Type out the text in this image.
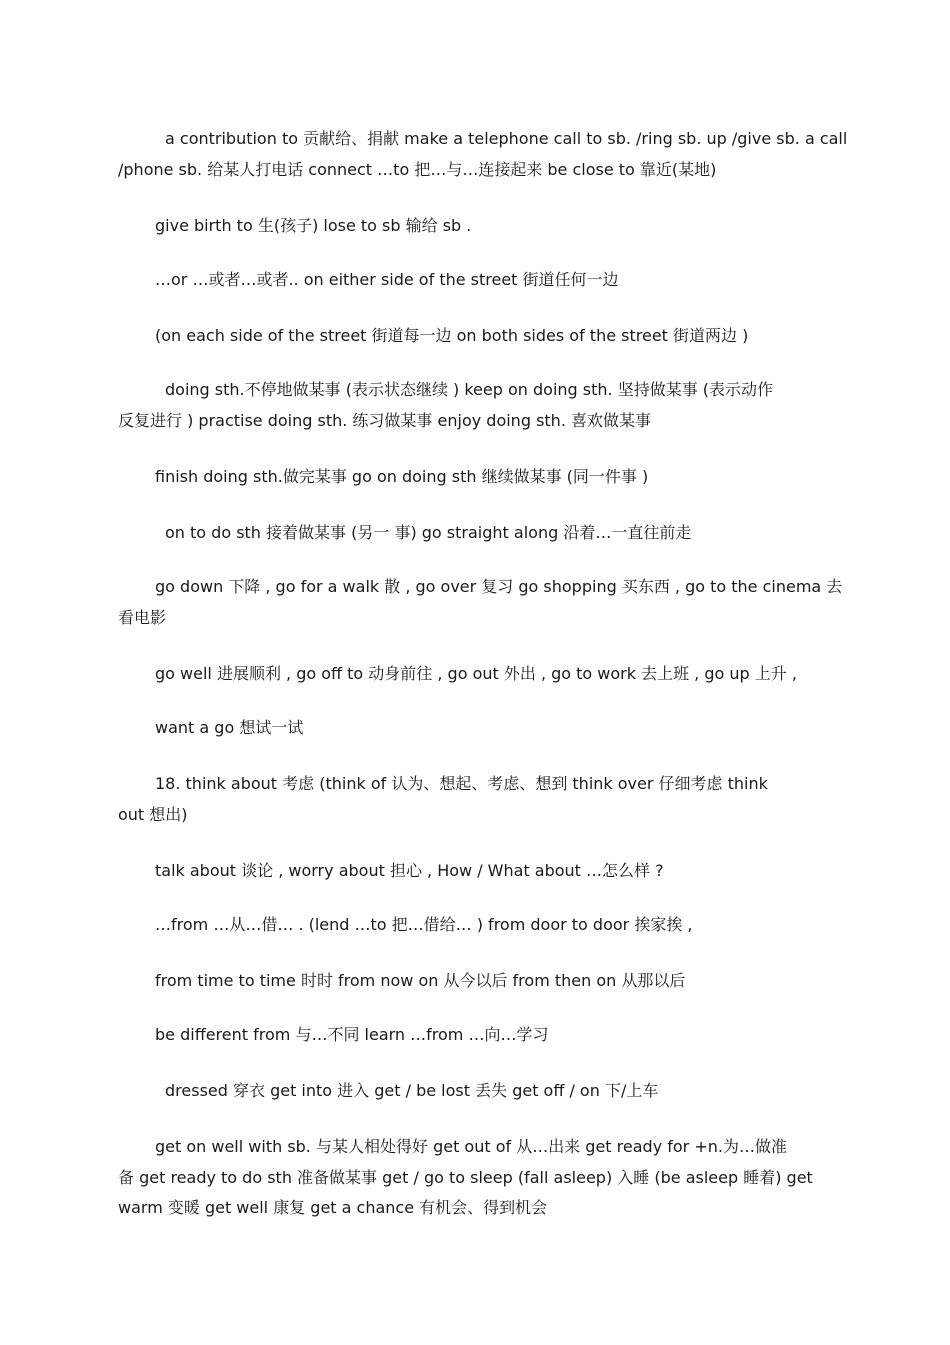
a contribution to 贡献给、捐献 make a telephone call to sb. /ring sb. up /give sb. a call
/phone sb. 给某人打电话 connect …to 把…与…连接起来 be close to 靠近(某地)
give birth to 生(孩子) lose to sb 输给 sb .
…or …或者…或者.. on either side of the street 街道任何一边
(on each side of the street 街道每一边 on both sides of the street 街道两边 )
doing sth.不停地做某事 (表示状态继续 ) keep on doing sth. 坚持做某事 (表示动作
反复进行 ) practise doing sth. 练习做某事 enjoy doing sth. 喜欢做某事
finish doing sth.做完某事 go on doing sth 继续做某事 (同一件事 )
on to do sth 接着做某事 (另一 事) go straight along 沿着…一直往前走
go down 下降 , go for a walk 散 , go over 复习 go shopping 买东西 , go to the cinema 去
看电影
go well 进展顺利 , go off to 动身前往 , go out 外出 , go to work 去上班 , go up 上升 ,
want a go 想试一试
18. think about 考虑 (think of 认为、想起、考虑、想到 think over 仔细考虑 think
out 想出)
talk about 谈论 , worry about 担心 , How / What about …怎么样 ?
…from …从…借… . (lend …to 把…借给… ) from door to door 挨家挨 ,
from time to time 时时 from now on 从今以后 from then on 从那以后
be different from 与…不同 learn …from …向…学习
dressed 穿衣 get into 进入 get / be lost 丢失 get off / on 下/上车
get on well with sb. 与某人相处得好 get out of 从…出来 get ready for +n.为…做准
备 get ready to do sth 准备做某事 get / go to sleep (fall asleep) 入睡 (be asleep 睡着) get
warm 变暖 get well 康复 get a chance 有机会、得到机会
